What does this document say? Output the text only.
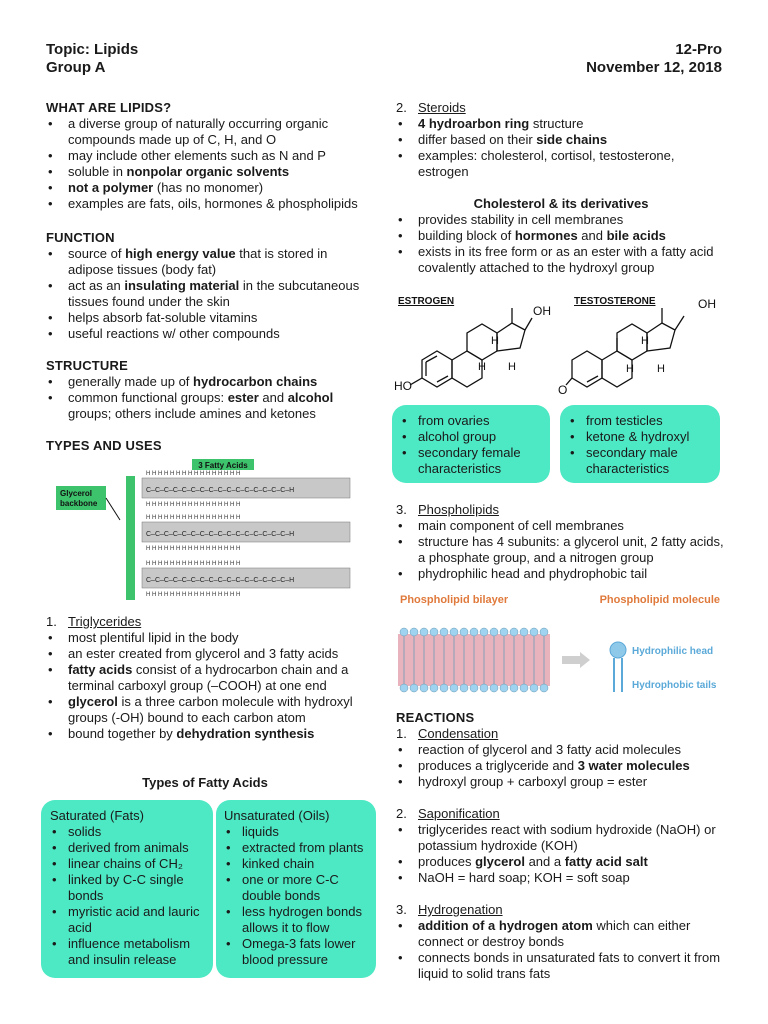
Topic: Lipids
Group A
12-Pro
November 12, 2018
WHAT ARE LIPIDS?
• a diverse group of naturally occurring organic compounds made up of C, H, and O
• may include other elements such as N and P
• soluble in nonpolar organic solvents
• not a polymer (has no monomer)
• examples are fats, oils, hormones & phospholipids
FUNCTION
• source of high energy value that is stored in adipose tissues (body fat)
• act as an insulating material in the subcutaneous tissues found under the skin
• helps absorb fat-soluble vitamins
• useful reactions w/ other compounds
STRUCTURE
• generally made up of hydrocarbon chains
• common functional groups: ester and alcohol groups; others include amines and ketones
TYPES AND USES
3 Fatty Acids
Glycerol
backbone
C–C–C–C–C–C–C–C–C–C–C–C–C–C–C–C–H
H H H H H H H H H H H H H H H H
H H H H H H H H H H H H H H H H
C–C–C–C–C–C–C–C–C–C–C–C–C–C–C–C–H
H H H H H H H H H H H H H H H H
H H H H H H H H H H H H H H H H
C–C–C–C–C–C–C–C–C–C–C–C–C–C–C–C–H
H H H H H H H H H H H H H H H H
H H H H H H H H H H H H H H H H
1. Triglycerides
• most plentiful lipid in the body
• an ester created from glycerol and 3 fatty acids
• fatty acids consist of a hydrocarbon chain and a terminal carboxyl group (–COOH) at one end
• glycerol is a three carbon molecule with hydroxyl groups (-OH) bound to each carbon atom
• bound together by dehydration synthesis
Types of Fatty Acids
Saturated (Fats)
• solids
• derived from animals
• linear chains of CH₂
• linked by C-C single bonds
• myristic acid and lauric acid
• influence metabolism and insulin release
Unsaturated (Oils)
• liquids
• extracted from plants
• kinked chain
• one or more C-C double bonds
• less hydrogen bonds allows it to flow
• Omega-3 fats lower blood pressure
2. Steroids
• 4 hydroarbon ring structure
• differ based on their side chains
• examples: cholesterol, cortisol, testosterone, estrogen
Cholesterol & its derivatives
• provides stability in cell membranes
• building block of hormones and bile acids
• exists in its free form or as an ester with a fatty acid covalently attached to the hydroxyl group
ESTROGEN
OH
HO
H
H H
TESTOSTERONE	OH
O
H
H H
• from ovaries
• alcohol group
• secondary female characteristics
• from testicles
• ketone & hydroxyl
• secondary male characteristics
3. Phospholipids
• main component of cell membranes
• structure has 4 subunits: a glycerol unit, 2 fatty acids, a phosphate group, and a nitrogen group
• phydrophilic head and phydrophobic tail
Phospholipid bilayer	Phospholipid molecule
Hydrophilic head
Hydrophobic tails
REACTIONS
1. Condensation
• reaction of glycerol and 3 fatty acid molecules
• produces a triglyceride and 3 water molecules
• hydroxyl group + carboxyl group = ester
2. Saponification
• triglycerides react with sodium hydroxide (NaOH) or potassium hydroxide (KOH)
• produces glycerol and a fatty acid salt
• NaOH = hard soap; KOH = soft soap
3. Hydrogenation
• addition of a hydrogen atom which can either connect or destroy bonds
• connects bonds in unsaturated fats to convert it from liquid to solid trans fats
